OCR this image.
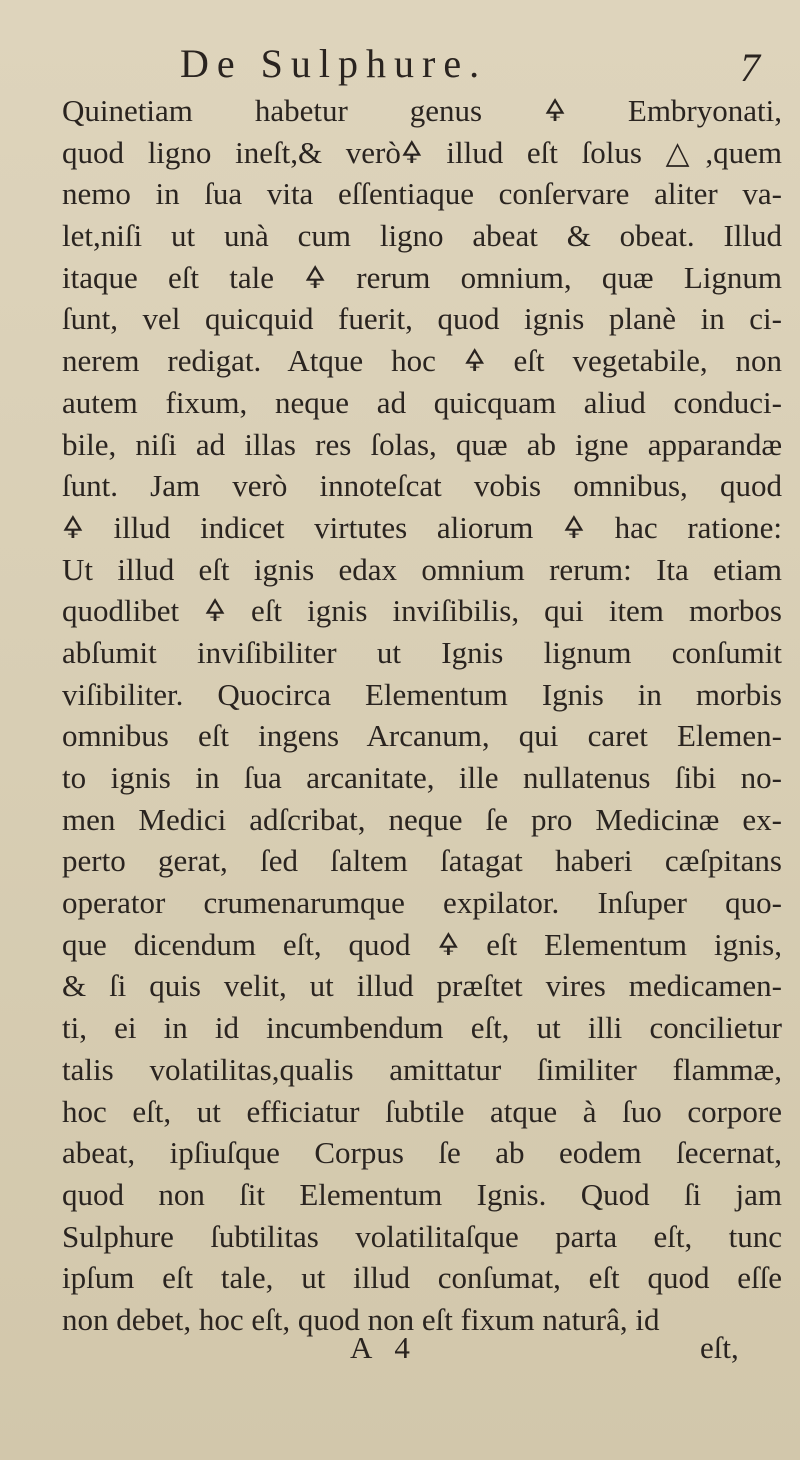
De Sulphure.	7
Quinetiam habetur genus 🜍 Embryonati,
quod ligno ineſt,& verò🜍 illud eſt ſolus △,quem
nemo in ſua vita eſſentiaque conſervare aliter va-
let,niſi ut unà cum ligno abeat & obeat. Illud
itaque eſt tale 🜍 rerum omnium, quæ Lignum
ſunt, vel quicquid fuerit, quod ignis planè in ci-
nerem redigat. Atque hoc 🜍 eſt vegetabile, non
autem fixum, neque ad quicquam aliud conduci-
bile, niſi ad illas res ſolas, quæ ab igne apparandæ
ſunt. Jam verò innoteſcat vobis omnibus, quod
🜍 illud indicet virtutes aliorum 🜍 hac ratione:
Ut illud eſt ignis edax omnium rerum: Ita etiam
quodlibet 🜍 eſt ignis inviſibilis, qui item morbos
abſumit inviſibiliter ut Ignis lignum conſumit
viſibiliter. Quocirca Elementum Ignis in morbis
omnibus eſt ingens Arcanum, qui caret Elemen-
to ignis in ſua arcanitate, ille nullatenus ſibi no-
men Medici adſcribat, neque ſe pro Medicinæ ex-
perto gerat, ſed ſaltem ſatagat haberi cæſpitans
operator crumenarumque expilator. Inſuper quo-
que dicendum eſt, quod 🜍 eſt Elementum ignis,
& ſi quis velit, ut illud præſtet vires medicamen-
ti, ei in id incumbendum eſt, ut illi concilietur
talis volatilitas,qualis amittatur ſimiliter flammæ,
hoc eſt, ut efficiatur ſubtile atque à ſuo corpore
abeat, ipſiuſque Corpus ſe ab eodem ſecernat,
quod non ſit Elementum Ignis. Quod ſi jam
Sulphure ſubtilitas volatilitaſque parta eſt, tunc
ipſum eſt tale, ut illud conſumat, eſt quod eſſe
non debet, hoc eſt, quod non eſt fixum naturâ, id
A 4	eſt,
